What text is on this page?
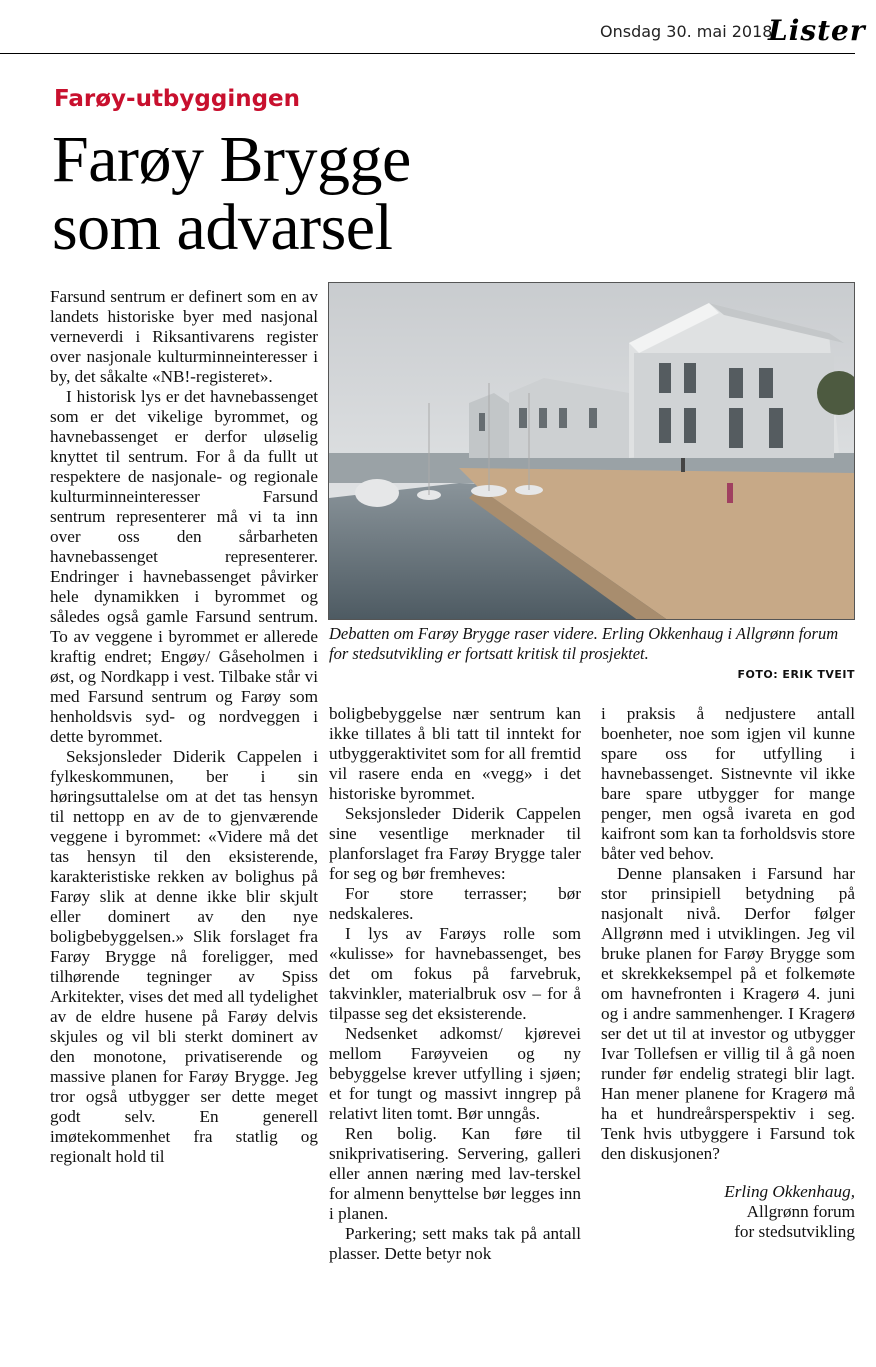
Onsdag 30. mai 2018
Lister
Farøy-utbyggingen
Farøy Brygge
som advarsel

Farsund sentrum er definert som en av landets historiske byer med nasjonal verneverdi i Riksantivarens register over nasjonale kulturminneinteresser i by, det såkalte «NB!-registeret».

I historisk lys er det havnebassenget som er det vikelige byrommet, og havnebassenget er derfor uløselig knyttet til sentrum. For å da fullt ut respektere de nasjonale- og regionale kulturminneinteresser Farsund sentrum representerer må vi ta inn over oss den sårbarheten havnebassenget representerer. Endringer i havnebassenget påvirker hele dynamikken i byrommet og således også gamle Farsund sentrum. To av veggene i byrommet er allerede kraftig endret; Engøy/ Gåseholmen i øst, og Nordkapp i vest. Tilbake står vi med Farsund sentrum og Farøy som henholdsvis syd- og nordveggen i dette byrommet.

Seksjonsleder Diderik Cappelen i fylkeskommunen, ber i sin høringsuttalelse om at det tas hensyn til nettopp en av de to gjenværende veggene i byrommet: «Videre må det tas hensyn til den eksisterende, karakteristiske rekken av bolighus på Farøy slik at denne ikke blir skjult eller dominert av den nye boligbebyggelsen.» Slik forslaget fra Farøy Brygge nå foreligger, med tilhørende tegninger av Spiss Arkitekter, vises det med all tydelighet av de eldre husene på Farøy delvis skjules og vil bli sterkt dominert av den monotone, privatiserende og massive planen for Farøy Brygge. Jeg tror også utbygger ser dette meget godt selv. En generell imøtekommenhet fra statlig og regionalt hold til

Debatten om Farøy Brygge raser videre. Erling Okkenhaug i Allgrønn forum for stedsutvikling er fortsatt kritisk til prosjektet.
FOTO: ERIK TVEIT

boligbebyggelse nær sentrum kan ikke tillates å bli tatt til inntekt for utbyggeraktivitet som for all fremtid vil rasere enda en «vegg» i det historiske byrommet.

Seksjonsleder Diderik Cappelen sine vesentlige merknader til planforslaget fra Farøy Brygge taler for seg og bør fremheves:

For store terrasser; bør nedskaleres.

I lys av Farøys rolle som «kulisse» for havnebassenget, bes det om fokus på farvebruk, takvinkler, materialbruk osv – for å tilpasse seg det eksisterende.

Nedsenket adkomst/ kjørevei mellom Farøyveien og ny bebyggelse krever utfylling i sjøen; et for tungt og massivt inngrep på relativt liten tomt. Bør unngås.

Ren bolig. Kan føre til snikprivatisering. Servering, galleri eller annen næring med lav-terskel for almenn benyttelse bør legges inn i planen.

Parkering; sett maks tak på antall plasser. Dette betyr nok

i praksis å nedjustere antall boenheter, noe som igjen vil kunne spare oss for utfylling i havnebassenget. Sistnevnte vil ikke bare spare utbygger for mange penger, men også ivareta en god kaifront som kan ta forholdsvis store båter ved behov.

Denne plansaken i Farsund har stor prinsipiell betydning på nasjonalt nivå. Derfor følger Allgrønn med i utviklingen. Jeg vil bruke planen for Farøy Brygge som et skrekkeksempel på et folkemøte om havnefronten i Kragerø 4. juni og i andre sammenhenger. I Kragerø ser det ut til at investor og utbygger Ivar Tollefsen er villig til å gå noen runder før endelig strategi blir lagt. Han mener planene for Kragerø må ha et hundreårsperspektiv i seg. Tenk hvis utbyggere i Farsund tok den diskusjonen?

Erling Okkenhaug,
Allgrønn forum
for stedsutvikling
